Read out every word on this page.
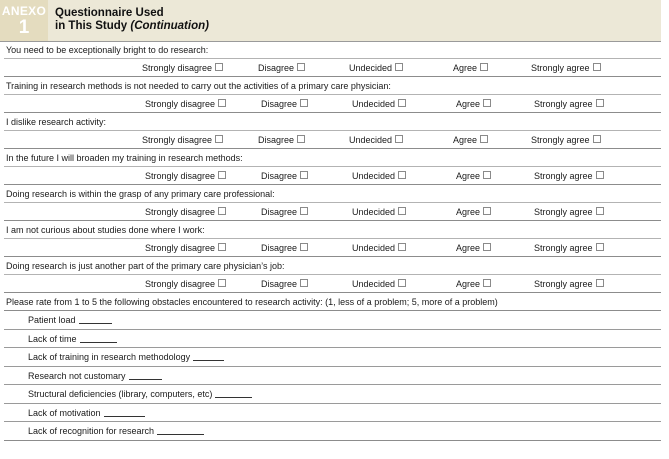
ANEXO
1
Questionnaire Used
in This Study (Continuation)
You need to be exceptionally bright to do research:
Strongly disagree	Disagree	Undecided	Agree	Strongly agree
Training in research methods is not needed to carry out the activities of a primary care physician:
Strongly disagree	Disagree	Undecided	Agree	Strongly agree
I dislike research activity:
Strongly disagree	Disagree	Undecided	Agree	Strongly agree
In the future I will broaden my training in research methods:
Strongly disagree	Disagree	Undecided	Agree	Strongly agree
Doing research is within the grasp of any primary care professional:
Strongly disagree	Disagree	Undecided	Agree	Strongly agree
I am not curious about studies done where I work:
Strongly disagree	Disagree	Undecided	Agree	Strongly agree
Doing research is just another part of the primary care physician’s job:
Strongly disagree	Disagree	Undecided	Agree	Strongly agree
Please rate from 1 to 5 the following obstacles encountered to research activity: (1, less of a problem; 5, more of a problem)
Patient load
Lack of time
Lack of training in research methodology
Research not customary
Structural deficiencies (library, computers, etc)
Lack of motivation
Lack of recognition for research
